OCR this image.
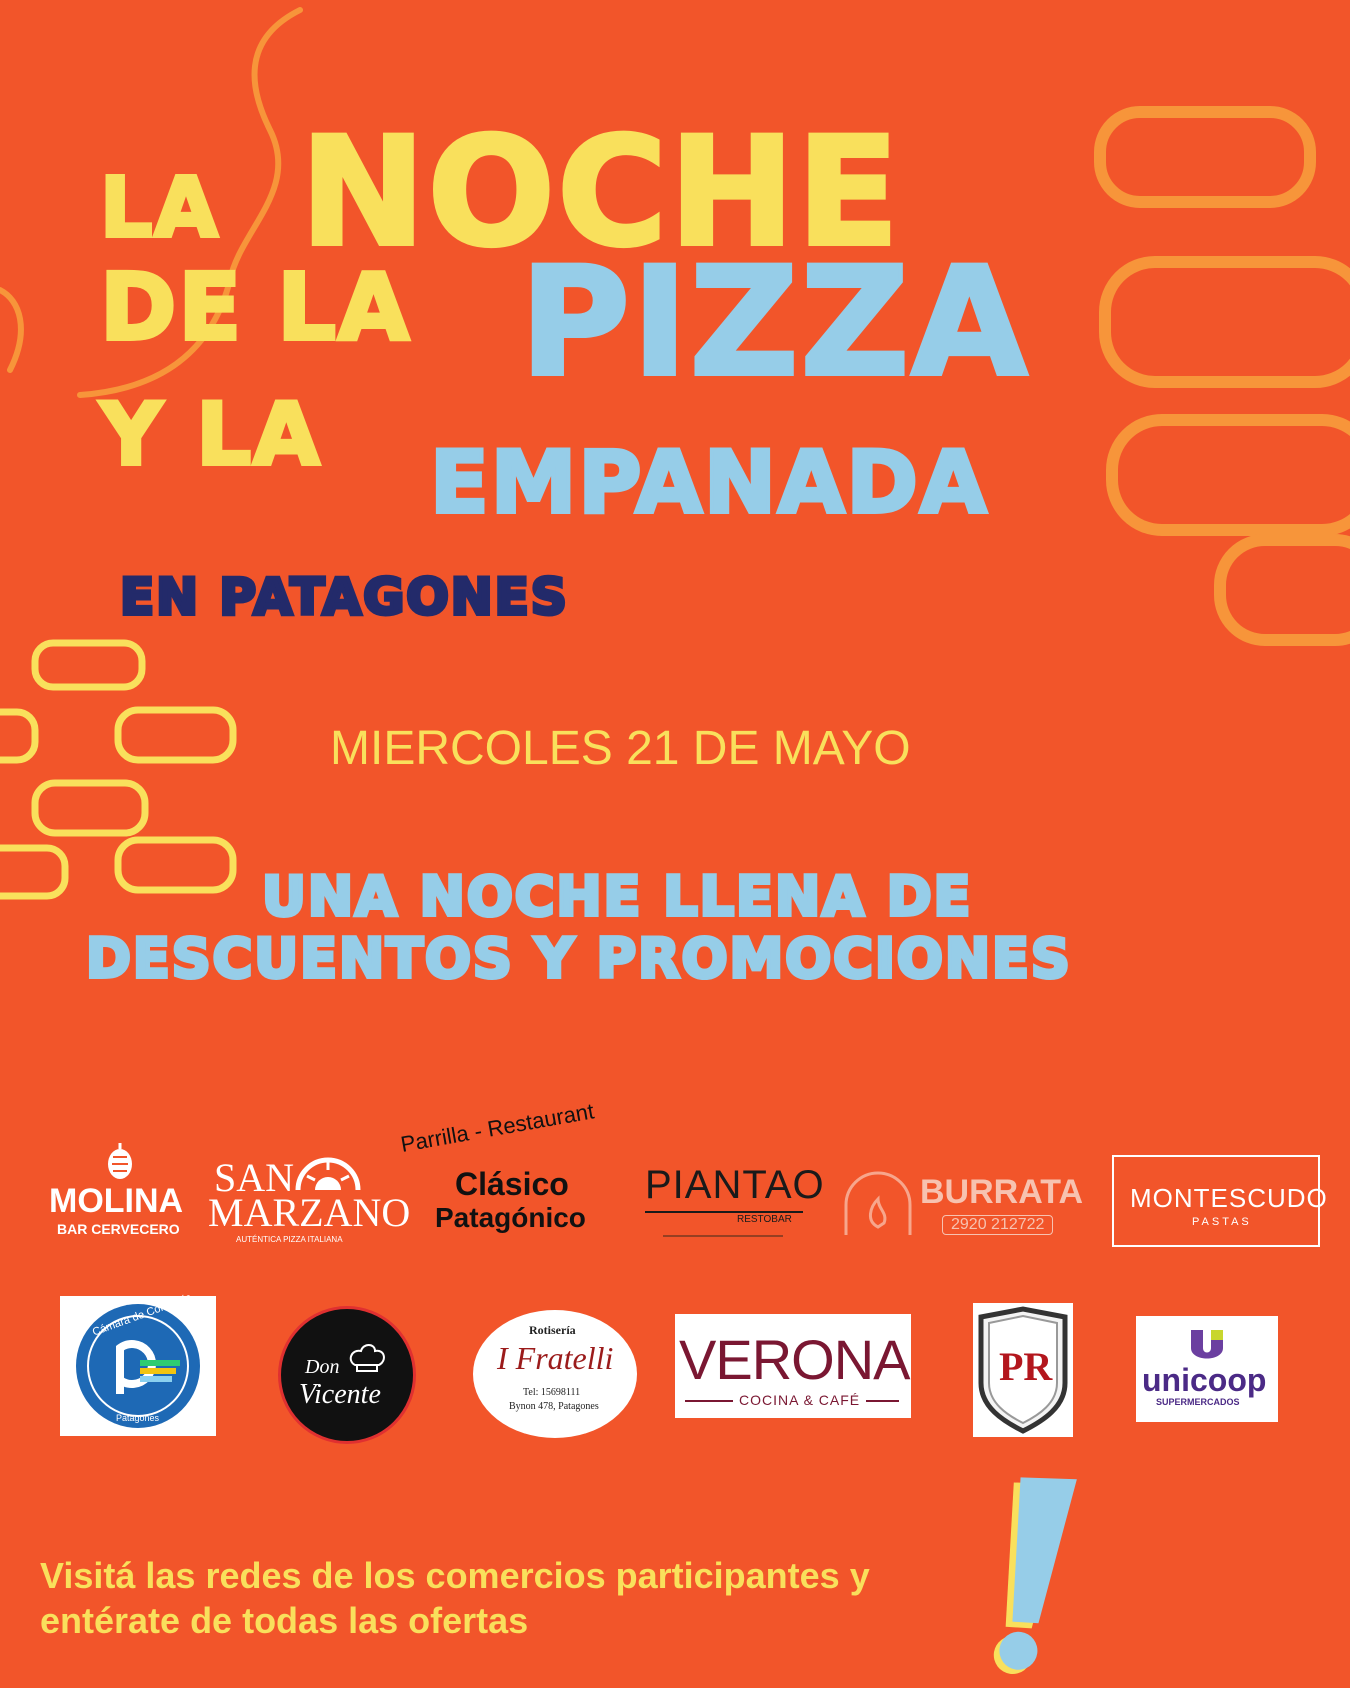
LA NOCHE
DE LA PIZZA
Y LA EMPANADA
EN PATAGONES

MIERCOLES 21 DE MAYO

UNA NOCHE LLENA DE

DESCUENTOS Y PROMOCIONES

MOLINA
BAR CERVECERO
SAN
MARZANO
AUTÉNTICA PIZZA ITALIANA
Parrilla - Restaurant
Clásico
Patagónico
PIANTAO
RESTOBAR
BURRATA
2920 212722
MONTESCUDO
PASTAS
Cámara de Comercio
Patagones
Don
Vicente
Rotisería
I Fratelli
Tel: 15698111
Bynon 478, Patagones
VERONA
COCINA & CAFÉ
PR	unicoop
SUPERMERCADOS

Visitá las redes de los comercios participantes y

entérate de todas las ofertas
